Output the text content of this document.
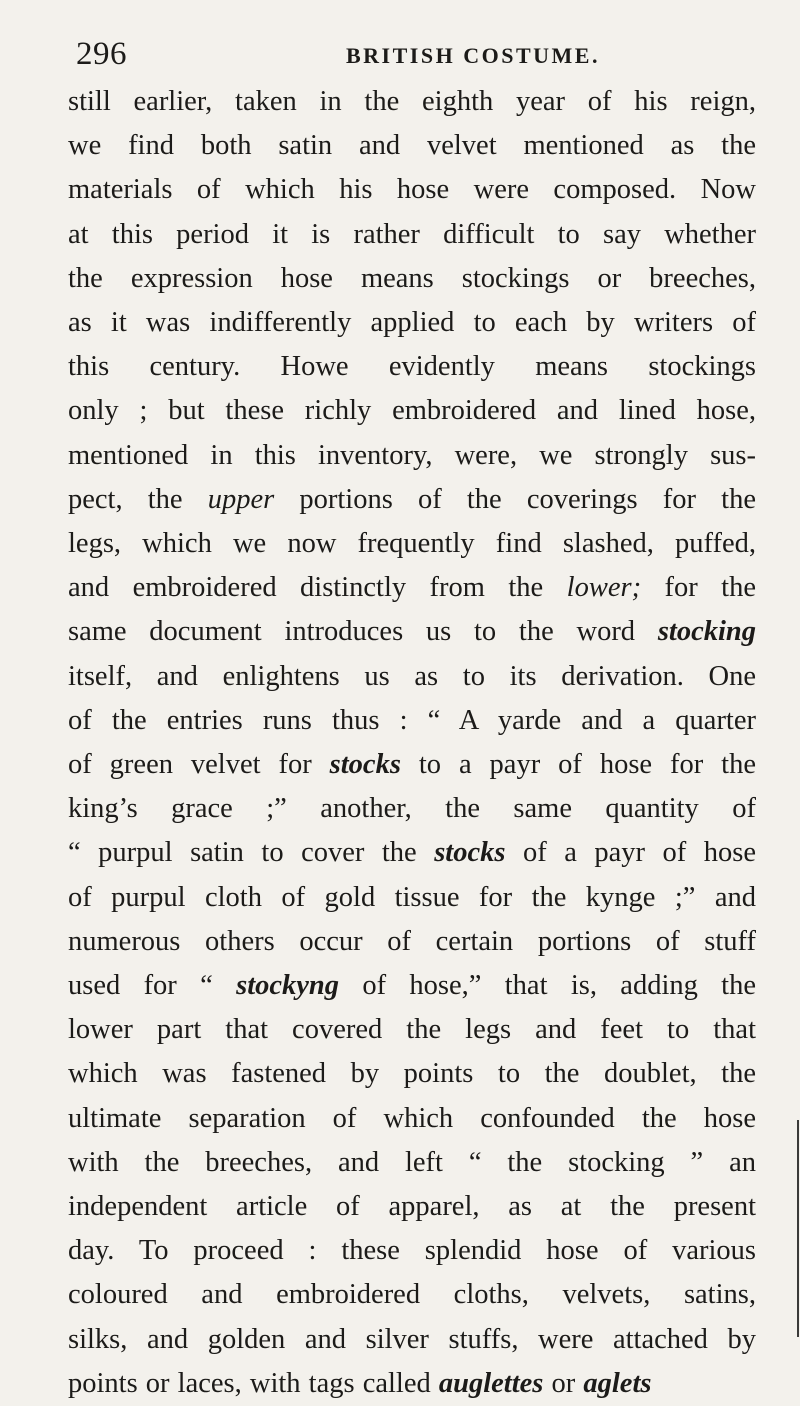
296	BRITISH COSTUME.
still earlier, taken in the eighth year of his reign,
we find both satin and velvet mentioned as the
materials of which his hose were composed. Now
at this period it is rather difficult to say whether
the expression hose means stockings or breeches,
as it was indifferently applied to each by writers of
this century. Howe evidently means stockings
only ; but these richly embroidered and lined hose,
mentioned in this inventory, were, we strongly sus-
pect, the upper portions of the coverings for the
legs, which we now frequently find slashed, puffed,
and embroidered distinctly from the lower; for the
same document introduces us to the word stocking
itself, and enlightens us as to its derivation. One
of the entries runs thus : “ A yarde and a quarter
of green velvet for stocks to a payr of hose for the
king’s grace ;” another, the same quantity of
“ purpul satin to cover the stocks of a payr of hose
of purpul cloth of gold tissue for the kynge ;” and
numerous others occur of certain portions of stuff
used for “ stockyng of hose,” that is, adding the
lower part that covered the legs and feet to that
which was fastened by points to the doublet, the
ultimate separation of which confounded the hose
with the breeches, and left “ the stocking ” an
independent article of apparel, as at the present
day. To proceed : these splendid hose of various
coloured and embroidered cloths, velvets, satins,
silks, and golden and silver stuffs, were attached by
points or laces, with tags called auglettes or aglets
